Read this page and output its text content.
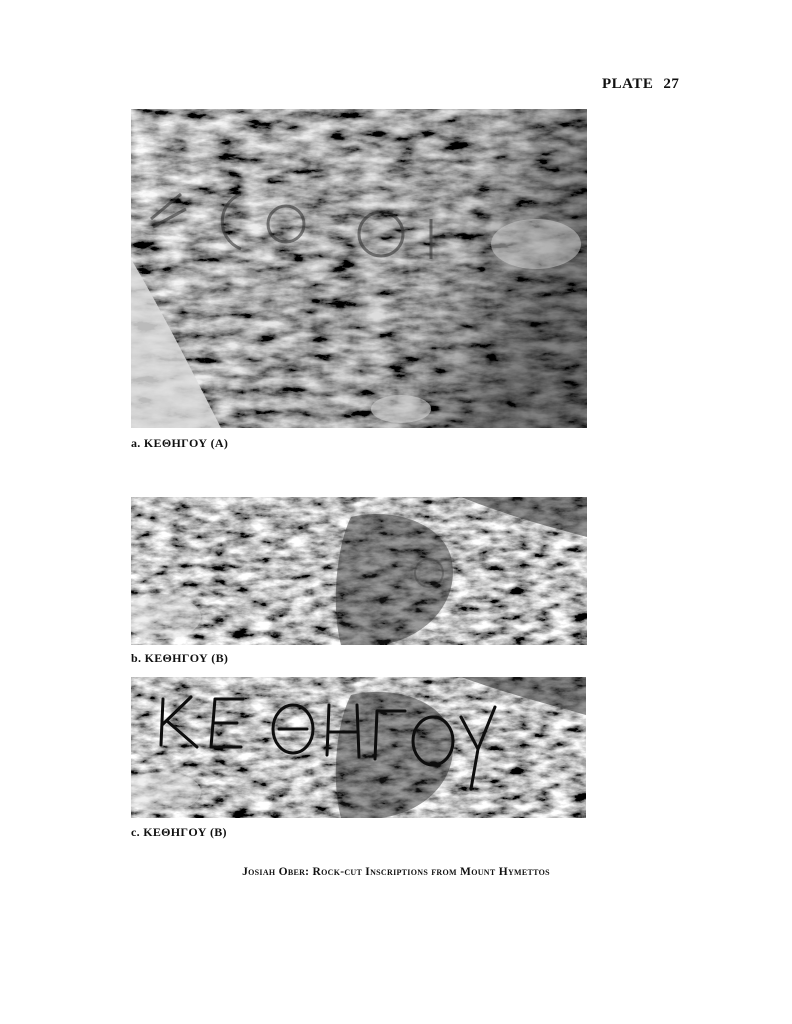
PLATE 27
a. ΚΕΘΗΓΟΥ (A)
b. ΚΕΘΗΓΟΥ (B)
c. ΚΕΘΗΓΟΥ (B)
Josiah Ober: Rock-cut Inscriptions from Mount Hymettos
